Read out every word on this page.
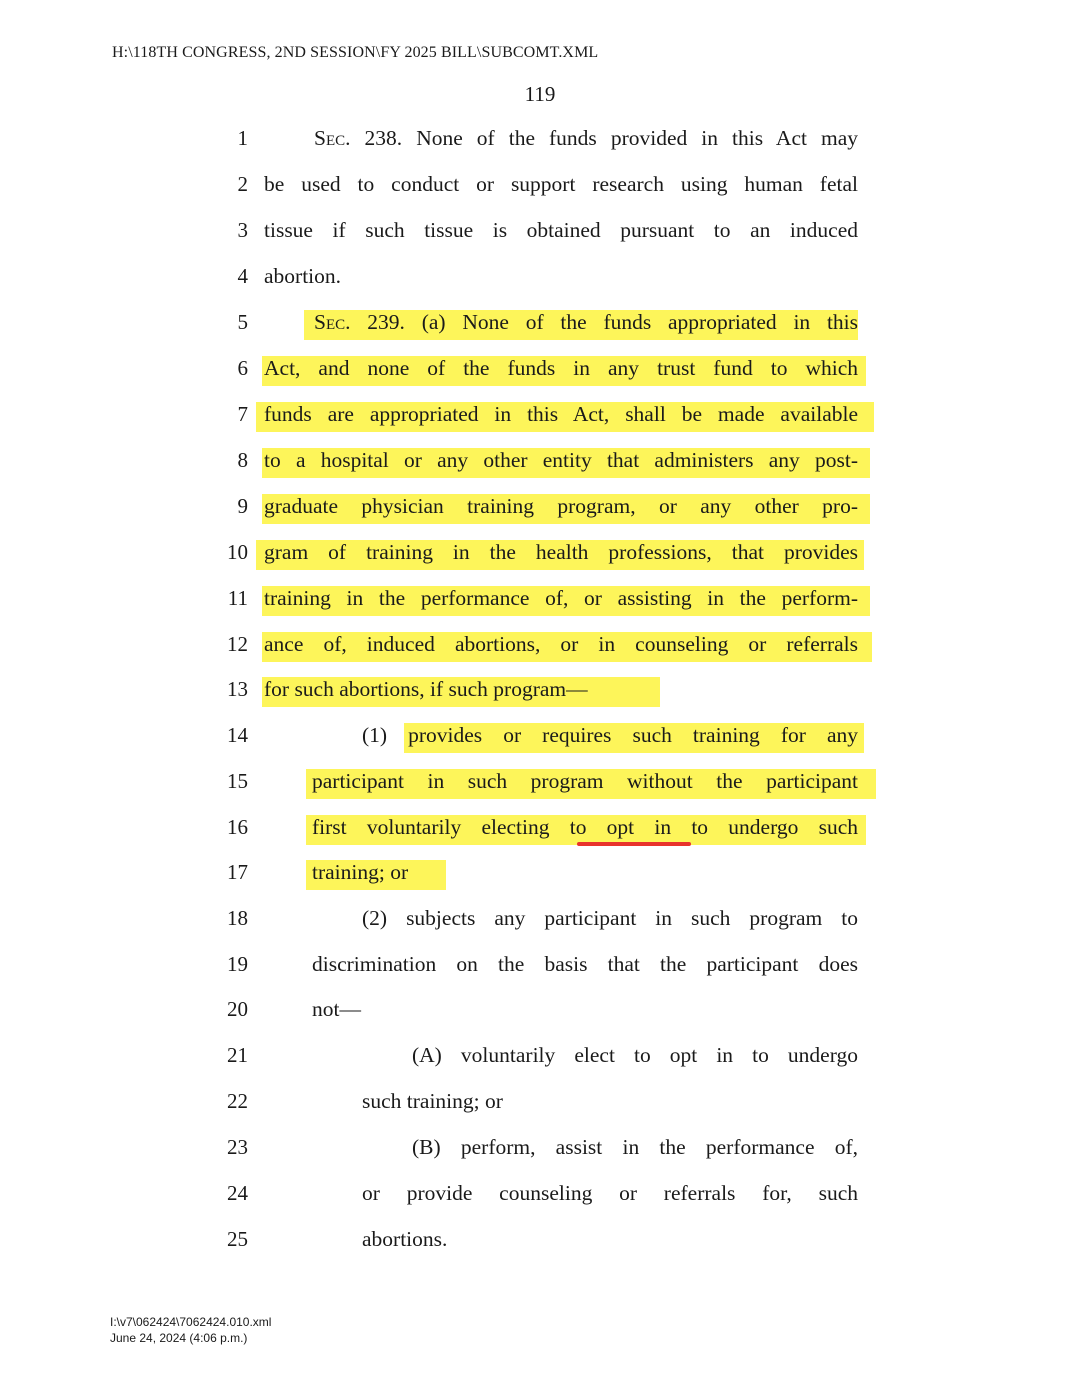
H:\118TH CONGRESS, 2ND SESSION\FY 2025 BILL\SUBCOMT.XML
119
1	Sec. 238. None of the funds provided in this Act may
2 be used to conduct or support research using human fetal
3 tissue if such tissue is obtained pursuant to an induced
4 abortion.
5	Sec. 239. (a) None of the funds appropriated in this
6 Act, and none of the funds in any trust fund to which
7 funds are appropriated in this Act, shall be made available
8 to a hospital or any other entity that administers any post-
9 graduate physician training program, or any other pro-
10 gram of training in the health professions, that provides
11 training in the performance of, or assisting in the perform-
12 ance of, induced abortions, or in counseling or referrals
13 for such abortions, if such program—
14	(1) provides or requires such training for any
15	participant in such program without the participant
16	first voluntarily electing to opt in to undergo such
17	training; or
18	(2) subjects any participant in such program to
19	discrimination on the basis that the participant does
20	not—
21	(A) voluntarily elect to opt in to undergo
22	such training; or
23	(B) perform, assist in the performance of,
24	or provide counseling or referrals for, such
25	abortions.
I:\v7\062424\7062424.010.xml
June 24, 2024 (4:06 p.m.)
